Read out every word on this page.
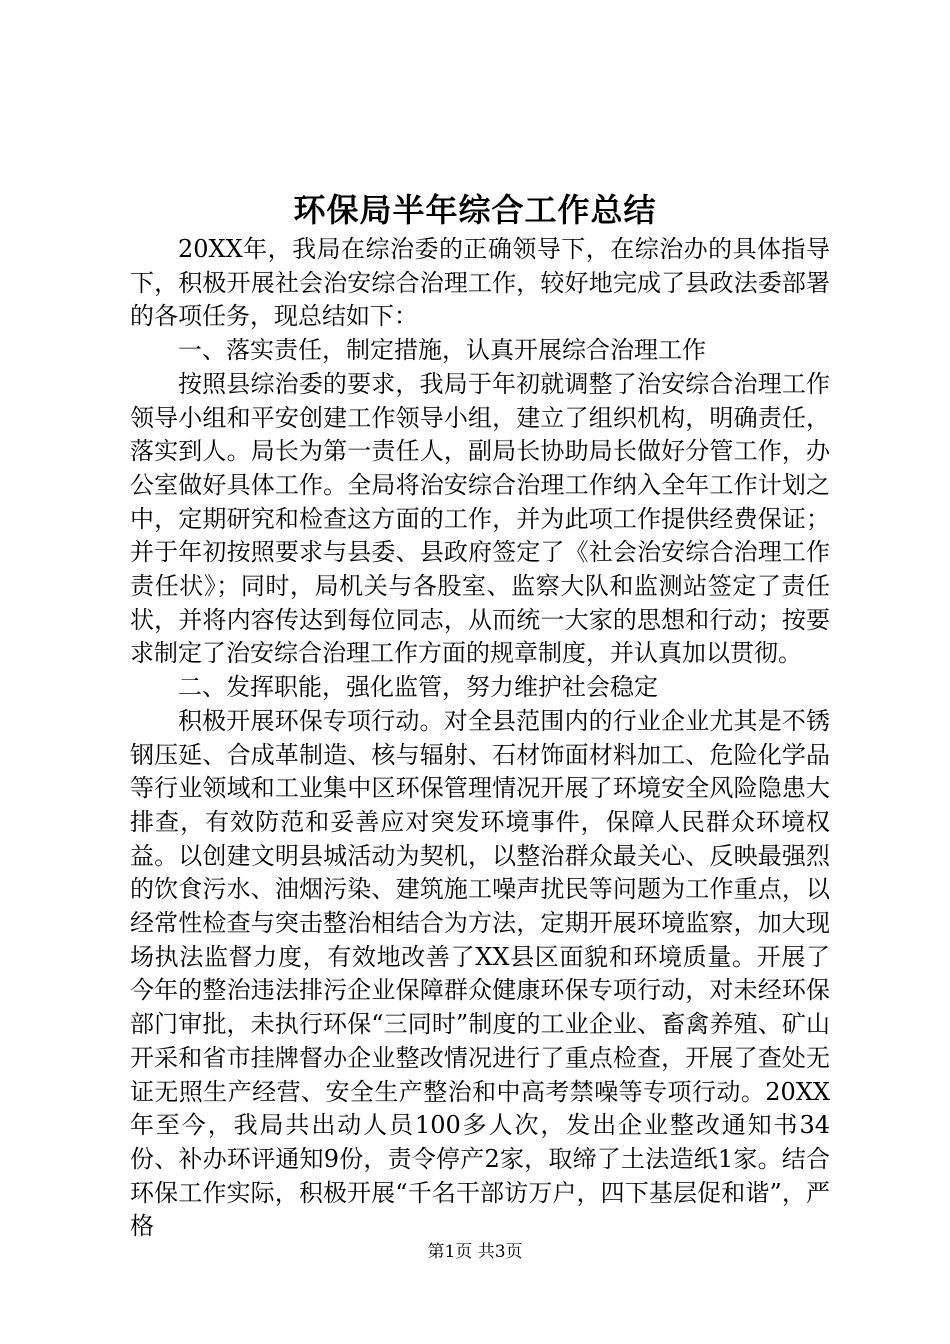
环保局半年综合工作总结

20XX年，我局在综治委的正确领导下，在综治办的具体指导下，积极开展社会治安综合治理工作，较好地完成了县政法委部署的各项任务，现总结如下：

一、落实责任，制定措施，认真开展综合治理工作

按照县综治委的要求，我局于年初就调整了治安综合治理工作领导小组和平安创建工作领导小组，建立了组织机构，明确责任，落实到人。局长为第一责任人，副局长协助局长做好分管工作，办公室做好具体工作。全局将治安综合治理工作纳入全年工作计划之中，定期研究和检查这方面的工作，并为此项工作提供经费保证；并于年初按照要求与县委、县政府签定了《社会治安综合治理工作责任状》；同时，局机关与各股室、监察大队和监测站签定了责任状，并将内容传达到每位同志，从而统一大家的思想和行动；按要求制定了治安综合治理工作方面的规章制度，并认真加以贯彻。

二、发挥职能，强化监管，努力维护社会稳定

积极开展环保专项行动。对全县范围内的行业企业尤其是不锈钢压延、合成革制造、核与辐射、石材饰面材料加工、危险化学品等行业领域和工业集中区环保管理情况开展了环境安全风险隐患大排查，有效防范和妥善应对突发环境事件，保障人民群众环境权益。以创建文明县城活动为契机，以整治群众最关心、反映最强烈的饮食污水、油烟污染、建筑施工噪声扰民等问题为工作重点，以经常性检查与突击整治相结合为方法，定期开展环境监察，加大现场执法监督力度，有效地改善了XX县区面貌和环境质量。开展了今年的整治违法排污企业保障群众健康环保专项行动，对未经环保部门审批，未执行环保“三同时”制度的工业企业、畜禽养殖、矿山开采和省市挂牌督办企业整改情况进行了重点检查，开展了查处无证无照生产经营、安全生产整治和中高考禁噪等专项行动。20XX年至今，我局共出动人员100多人次，发出企业整改通知书34份、补办环评通知9份，责令停产2家，取缔了土法造纸1家。结合环保工作实际，积极开展“千名干部访万户，四下基层促和谐”，严格

第1页 共3页
